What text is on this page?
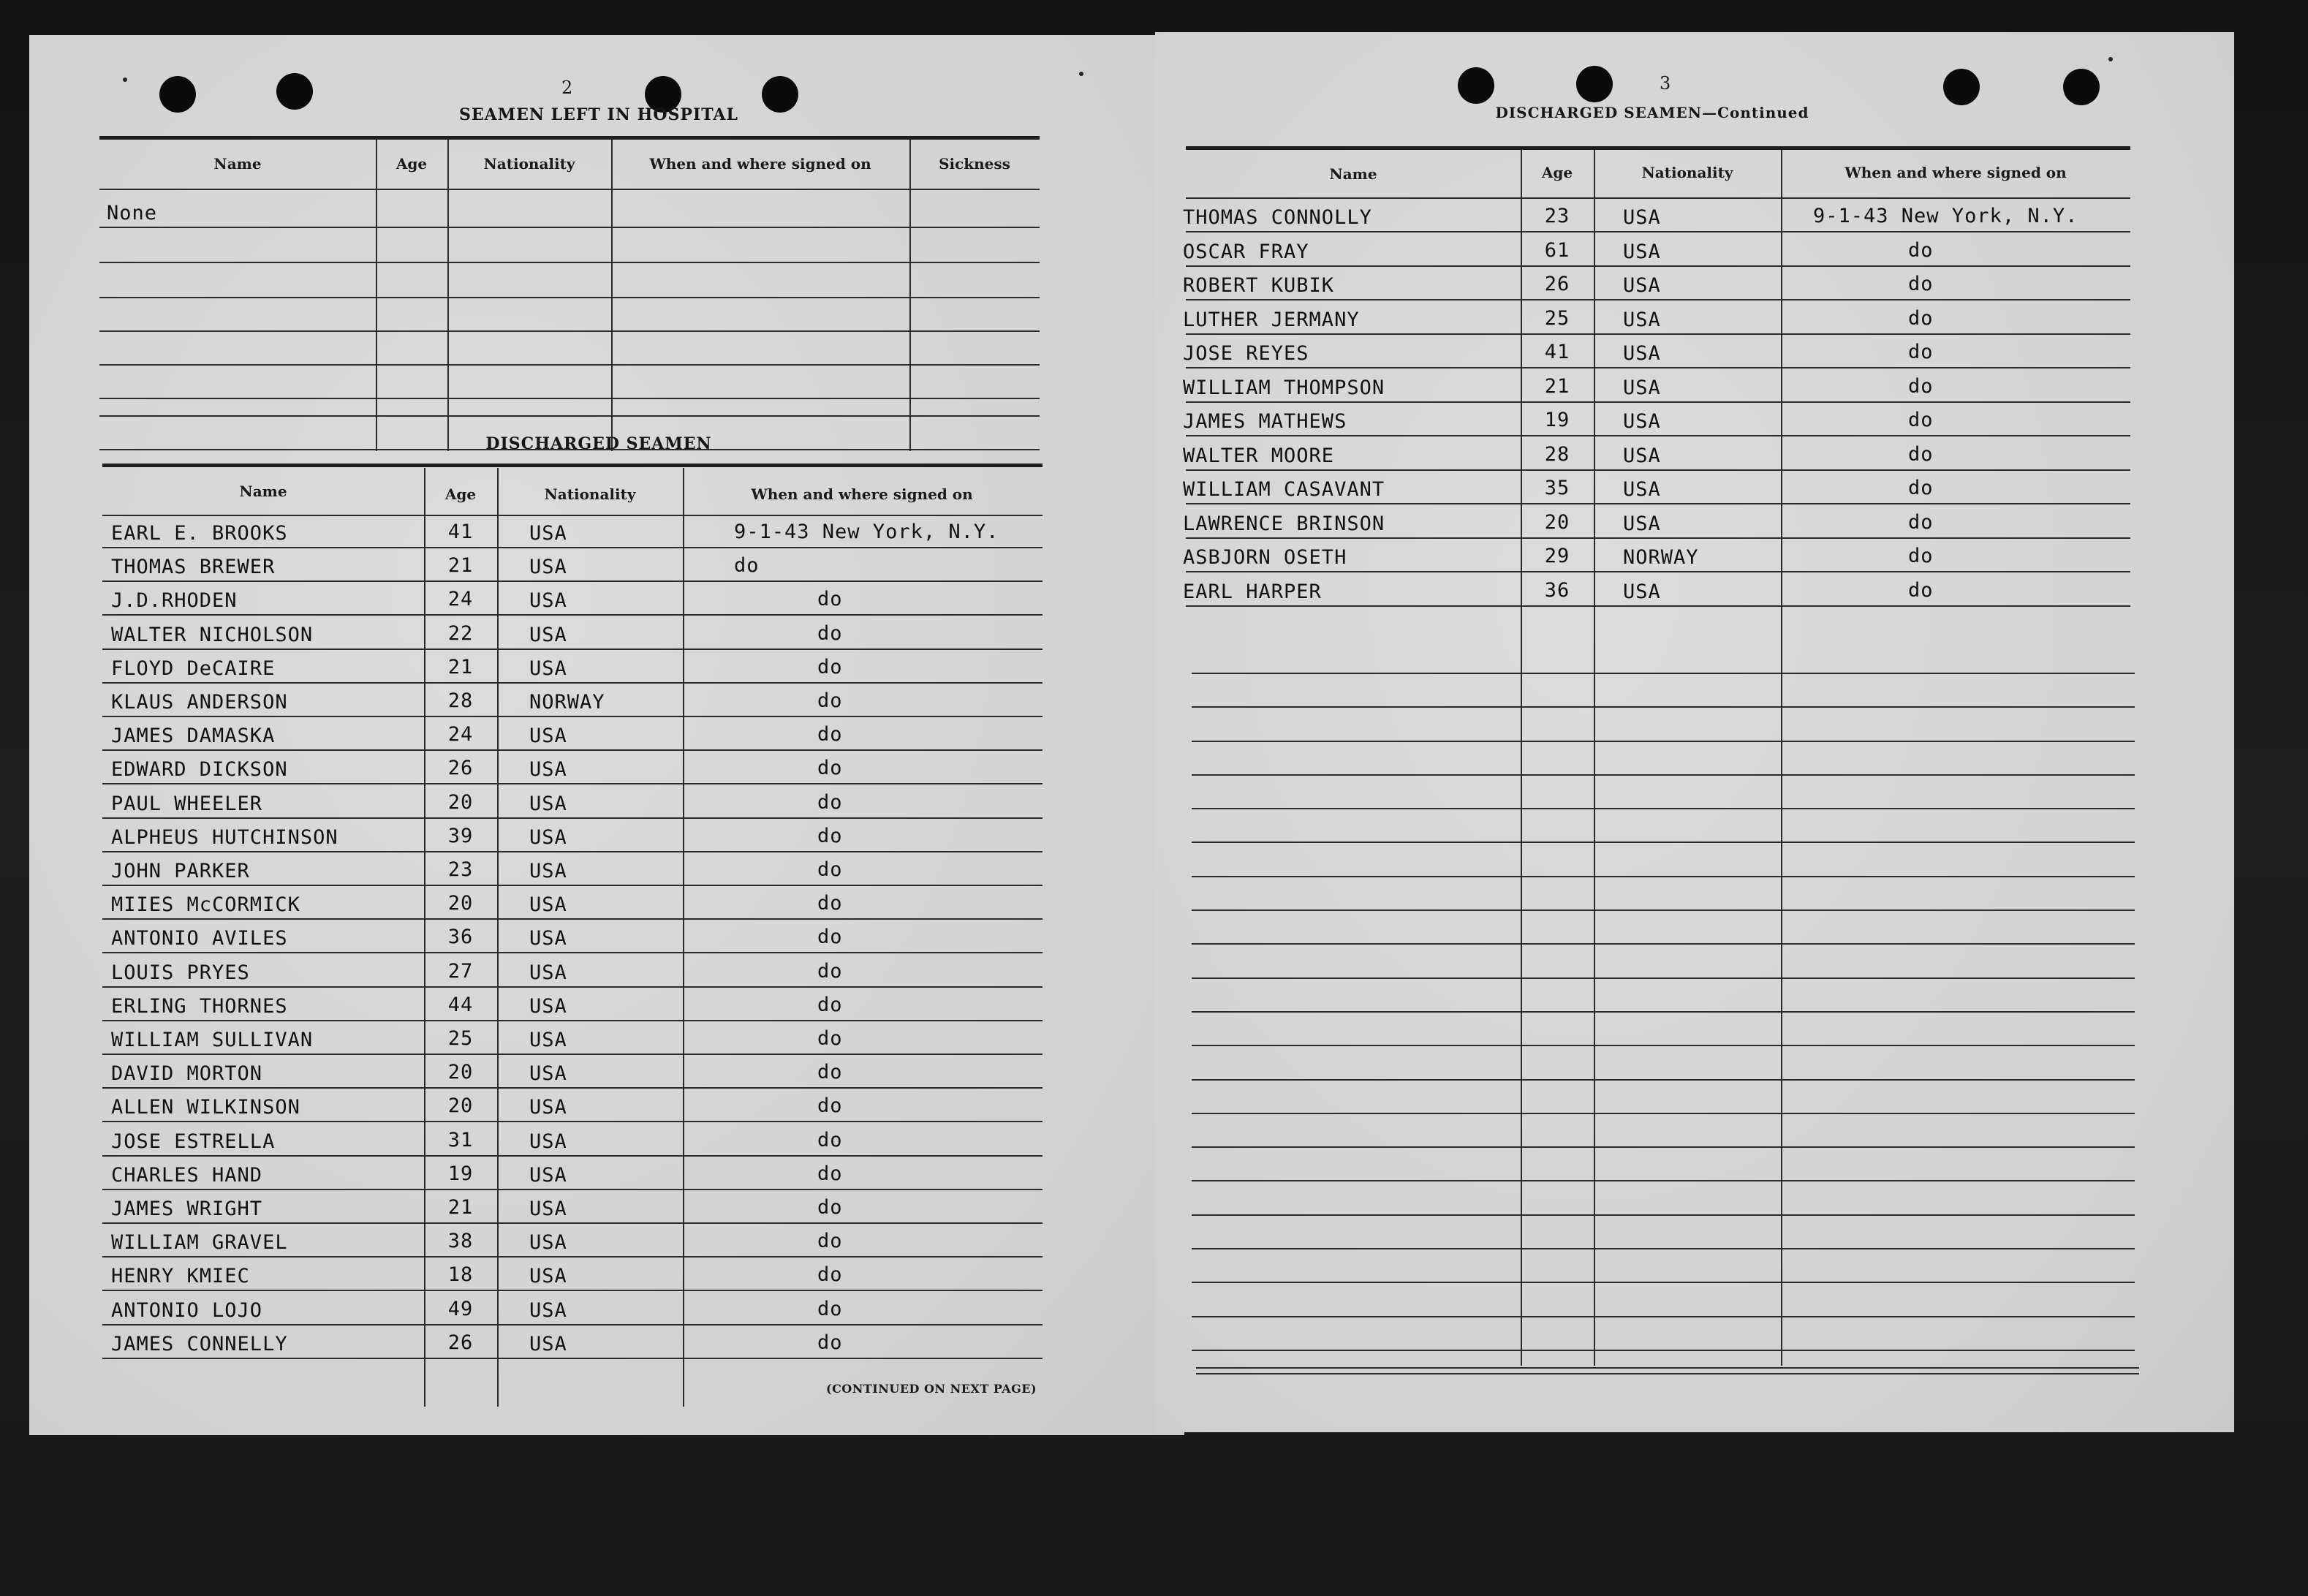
2
SEAMEN LEFT IN HOSPITAL
Name	Age	Nationality	When and where signed on	Sickness
None
DISCHARGED SEAMEN
Name	Age	Nationality	When and where signed on
EARL E. BROOKS	41	USA	9-1-43 New York, N.Y.
THOMAS BREWER	21	USA	do
J.D.RHODEN	24	USA	do
WALTER NICHOLSON	22	USA	do
FLOYD DeCAIRE	21	USA	do
KLAUS ANDERSON	28	NORWAY	do
JAMES DAMASKA	24	USA	do
EDWARD DICKSON	26	USA	do
PAUL WHEELER	20	USA	do
ALPHEUS HUTCHINSON	39	USA	do
JOHN PARKER	23	USA	do
MIIES McCORMICK	20	USA	do
ANTONIO AVILES	36	USA	do
LOUIS PRYES	27	USA	do
ERLING THORNES	44	USA	do
WILLIAM SULLIVAN	25	USA	do
DAVID MORTON	20	USA	do
ALLEN WILKINSON	20	USA	do
JOSE ESTRELLA	31	USA	do
CHARLES HAND	19	USA	do
JAMES WRIGHT	21	USA	do
WILLIAM GRAVEL	38	USA	do
HENRY KMIEC	18	USA	do
ANTONIO LOJO	49	USA	do
JAMES CONNELLY	26	USA	do
(CONTINUED ON NEXT PAGE)
3
DISCHARGED SEAMEN—Continued
Name	Age	Nationality	When and where signed on
THOMAS CONNOLLY	23	USA	9-1-43 New York, N.Y.
OSCAR FRAY	61	USA	do
ROBERT KUBIK	26	USA	do
LUTHER JERMANY	25	USA	do
JOSE REYES	41	USA	do
WILLIAM THOMPSON	21	USA	do
JAMES MATHEWS	19	USA	do
WALTER MOORE	28	USA	do
WILLIAM CASAVANT	35	USA	do
LAWRENCE BRINSON	20	USA	do
ASBJORN OSETH	29	NORWAY	do
EARL HARPER	36	USA	do
